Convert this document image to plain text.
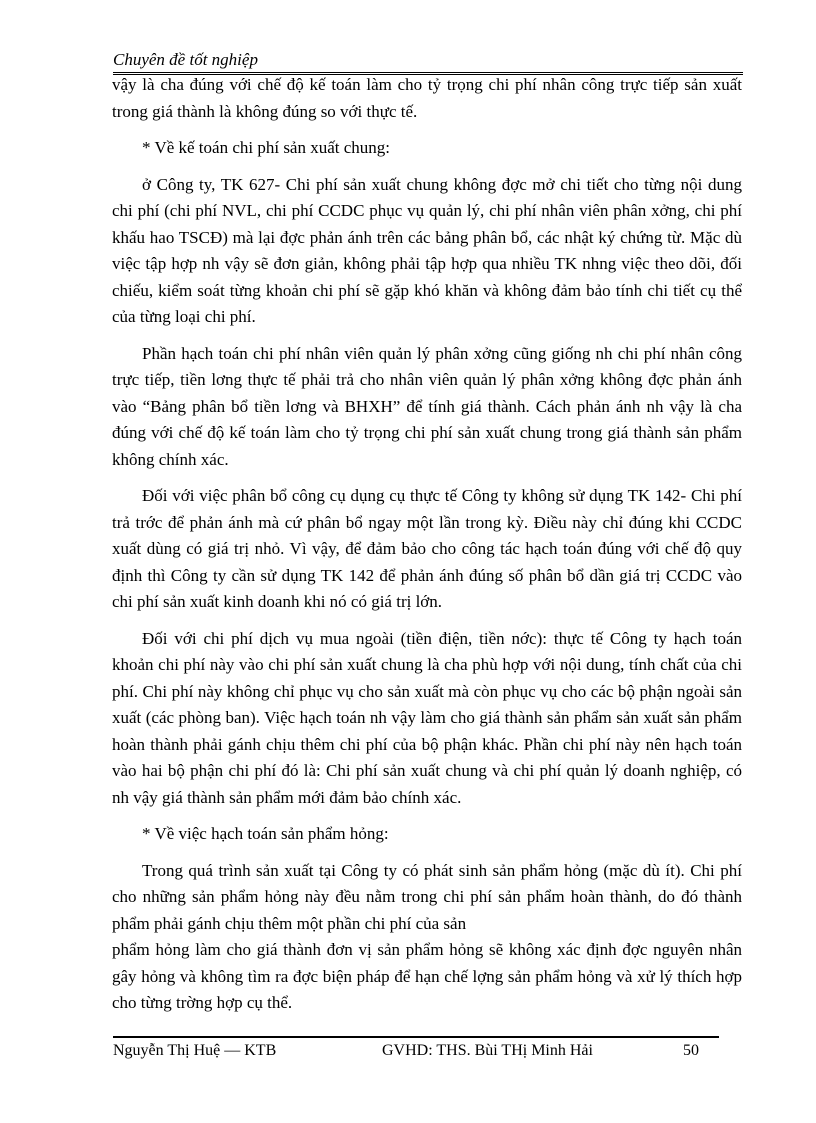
Chuyên đề tốt nghiệp

vậy là cha đúng với chế độ kế toán làm cho tỷ trọng chi phí nhân công trực tiếp sản xuất trong giá thành là không đúng so với thực tế.

* Về kế toán chi phí sản xuất chung:

ở Công ty, TK 627- Chi phí sản xuất chung không đợc mở chi tiết cho từng nội dung chi phí (chi phí NVL, chi phí CCDC phục vụ quản lý, chi phí nhân viên phân xởng, chi phí khấu hao TSCĐ) mà lại đợc phản ánh trên các bảng phân bổ, các nhật ký chứng từ. Mặc dù việc tập hợp nh vậy sẽ đơn giản, không phải tập hợp qua nhiều TK nhng việc theo dõi, đối chiếu, kiểm soát từng khoản chi phí sẽ gặp khó khăn và không đảm bảo tính chi tiết cụ thể của từng loại chi phí.

Phần hạch toán chi phí nhân viên quản lý phân xởng cũng giống nh chi phí nhân công trực tiếp, tiền lơng thực tế phải trả cho nhân viên quản lý phân xởng không đợc phản ánh vào “Bảng phân bổ tiền lơng và BHXH” để tính giá thành. Cách phản ánh nh vậy là cha đúng với chế độ kế toán làm cho tỷ trọng chi phí sản xuất chung trong giá thành sản phẩm không chính xác.

Đối với việc phân bổ công cụ dụng cụ thực tế Công ty không sử dụng TK 142- Chi phí trả trớc để phản ánh mà cứ phân bổ ngay một lần trong kỳ. Điều này chỉ đúng khi CCDC xuất dùng có giá trị nhỏ. Vì vậy, để đảm bảo cho công tác hạch toán đúng với chế độ quy định thì Công ty cần sử dụng TK 142 để phản ánh đúng số phân bổ dần giá trị CCDC vào chi phí sản xuất kinh doanh khi nó có giá trị lớn.

Đối với chi phí dịch vụ mua ngoài (tiền điện, tiền nớc): thực tế Công ty hạch toán khoản chi phí này vào chi phí sản xuất chung là cha phù hợp với nội dung, tính chất của chi phí. Chi phí này không chỉ phục vụ cho sản xuất mà còn phục vụ cho các bộ phận ngoài sản xuất (các phòng ban). Việc hạch toán nh vậy làm cho giá thành sản phẩm sản xuất sản phẩm hoàn thành phải gánh chịu thêm chi phí của bộ phận khác. Phần chi phí này nên hạch toán vào hai bộ phận chi phí đó là: Chi phí sản xuất chung và chi phí quản lý doanh nghiệp, có nh vậy giá thành sản phẩm mới đảm bảo chính xác.

* Về việc hạch toán sản phẩm hỏng:

Trong quá trình sản xuất tại Công ty có phát sinh sản phẩm hỏng (mặc dù ít). Chi phí cho những sản phẩm hỏng này đều nằm trong chi phí sản phẩm hoàn thành, do đó thành phẩm phải gánh chịu thêm một phần chi phí của sản

phẩm hỏng làm cho giá thành đơn vị sản phẩm hỏng sẽ không xác định đợc nguyên nhân gây hỏng và không tìm ra đợc biện pháp để hạn chế lợng sản phẩm hỏng và xử lý thích hợp cho từng trờng hợp cụ thể.

Nguyễn Thị Huệ — KTB	GVHD: THS. Bùi THị Minh Hải	50
